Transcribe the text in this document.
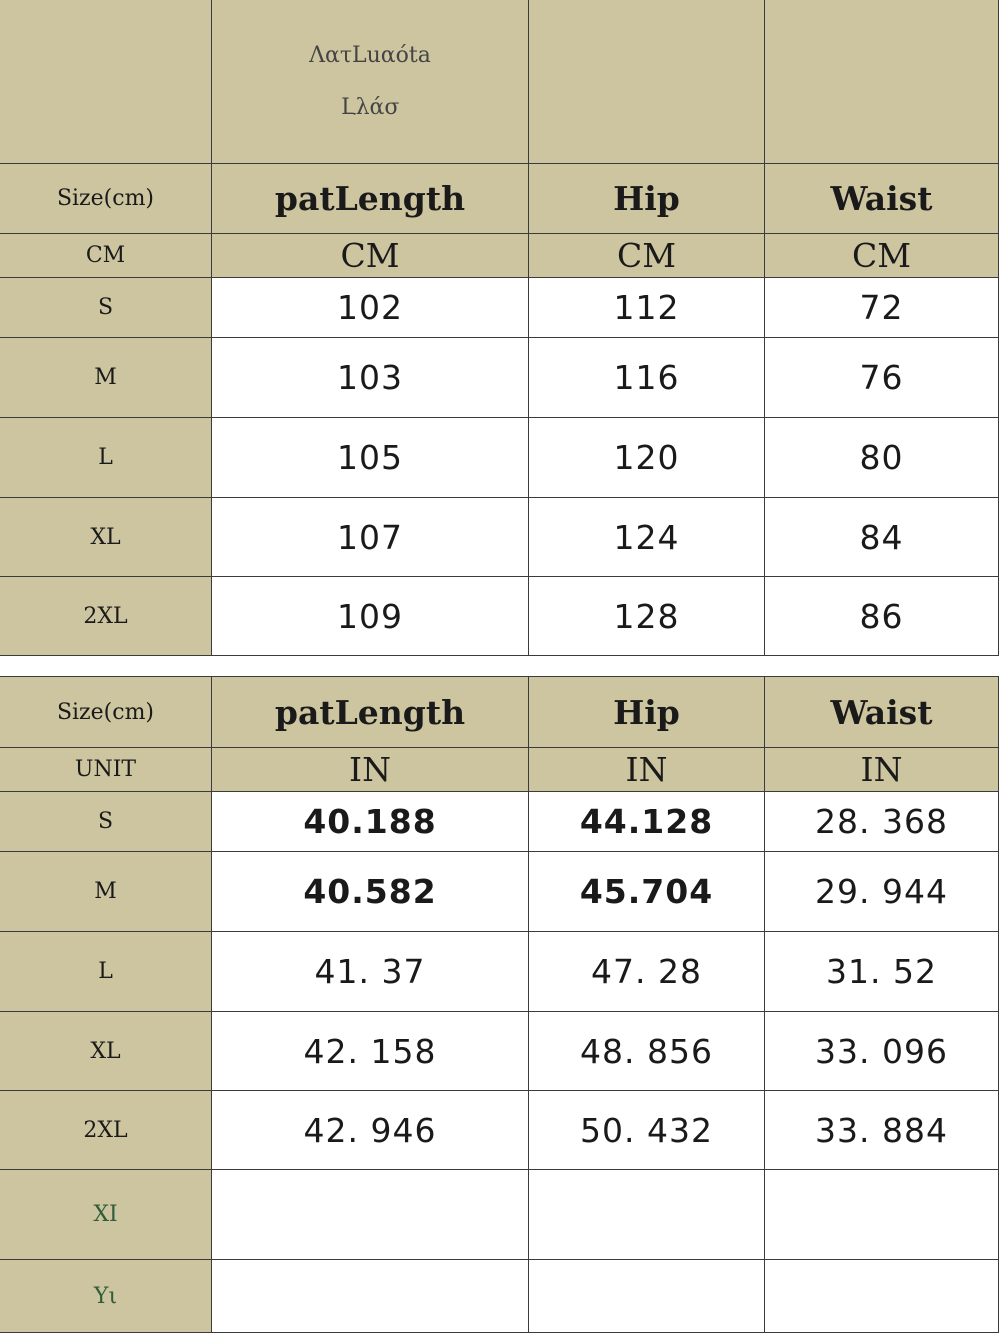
ΛατLuαόta
Լλάσ
Size(cm)	patLength	Hip	Waist
CM	CM	CM	CM
S	102	112	72
M	103	116	76
L	105	120	80
XL	107	124	84
2XL	109	128	86
Size(cm)	patLength	Hip	Waist
UNIT	IN	IN	IN
S	40.188	44.128	28. 368
M	40.582	45.704	29. 944
L	41. 37	47. 28	31. 52
XL	42. 158	48. 856	33. 096
2XL	42. 946	50. 432	33. 884
XI
Yι
